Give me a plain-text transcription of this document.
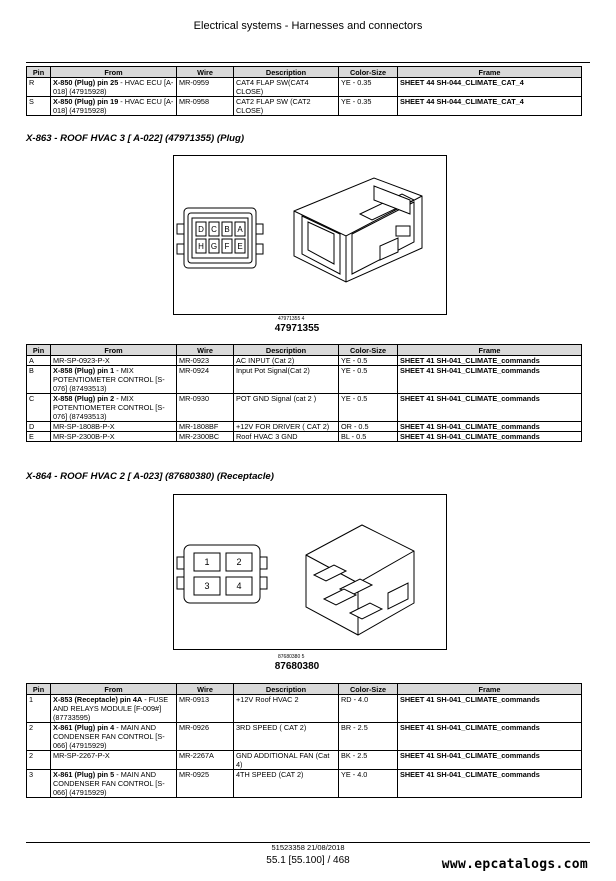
Electrical systems - Harnesses and connectors
Pin	From	Wire	Description	Color-Size	Frame
R	X-850 (Plug) pin 25 - HVAC ECU [A-018] (47915928)	MR-0959	CAT4 FLAP SW(CAT4 CLOSE)	YE - 0.35	SHEET 44 SH-044_CLIMATE_CAT_4
S	X-850 (Plug) pin 19 - HVAC ECU [A-018] (47915928)	MR-0958	CAT2 FLAP SW (CAT2 CLOSE)	YE - 0.35	SHEET 44 SH-044_CLIMATE_CAT_4
X-863 - ROOF HVAC 3 [ A-022] (47971355) (Plug)
D C B A
H G F E
47971355 4
47971355
Pin	From	Wire	Description	Color-Size	Frame
A	MR-SP-0923-P-X	MR-0923	AC INPUT (Cat 2)	YE - 0.5	SHEET 41 SH-041_CLIMATE_commands
B	X-858 (Plug) pin 1 - MIX POTENTIOMETER CONTROL [S-076] (87493513)	MR-0924	Input Pot Signal(Cat 2)	YE - 0.5	SHEET 41 SH-041_CLIMATE_commands
C	X-858 (Plug) pin 2 - MIX POTENTIOMETER CONTROL [S-076] (87493513)	MR-0930	POT GND Signal (cat 2 )	YE - 0.5	SHEET 41 SH-041_CLIMATE_commands
D	MR-SP-1808B-P-X	MR-1808BF	+12V FOR DRIVER ( CAT 2)	OR - 0.5	SHEET 41 SH-041_CLIMATE_commands
E	MR-SP-2300B-P-X	MR-2300BC	Roof HVAC 3 GND	BL - 0.5	SHEET 41 SH-041_CLIMATE_commands
X-864 - ROOF HVAC 2 [ A-023] (87680380) (Receptacle)
1	2
3	4
87680380 5
87680380
Pin	From	Wire	Description	Color-Size	Frame
1	X-853 (Receptacle) pin 4A - FUSE AND RELAYS MODULE [F-009#] (87733595)	MR-0913	+12V Roof HVAC 2	RD - 4.0	SHEET 41 SH-041_CLIMATE_commands
2	X-861 (Plug) pin 4 - MAIN AND CONDENSER FAN CONTROL [S-066] (47915929)	MR-0926	3RD SPEED ( CAT 2)	BR - 2.5	SHEET 41 SH-041_CLIMATE_commands
2	MR-SP-2267-P-X	MR-2267A	GND ADDITIONAL FAN (Cat 4)	BK - 2.5	SHEET 41 SH-041_CLIMATE_commands
3	X-861 (Plug) pin 5 - MAIN AND CONDENSER FAN CONTROL [S-066] (47915929)	MR-0925	4TH SPEED (CAT 2)	YE - 4.0	SHEET 41 SH-041_CLIMATE_commands
51523358 21/08/2018
55.1 [55.100] / 468	www.epcatalogs.com
